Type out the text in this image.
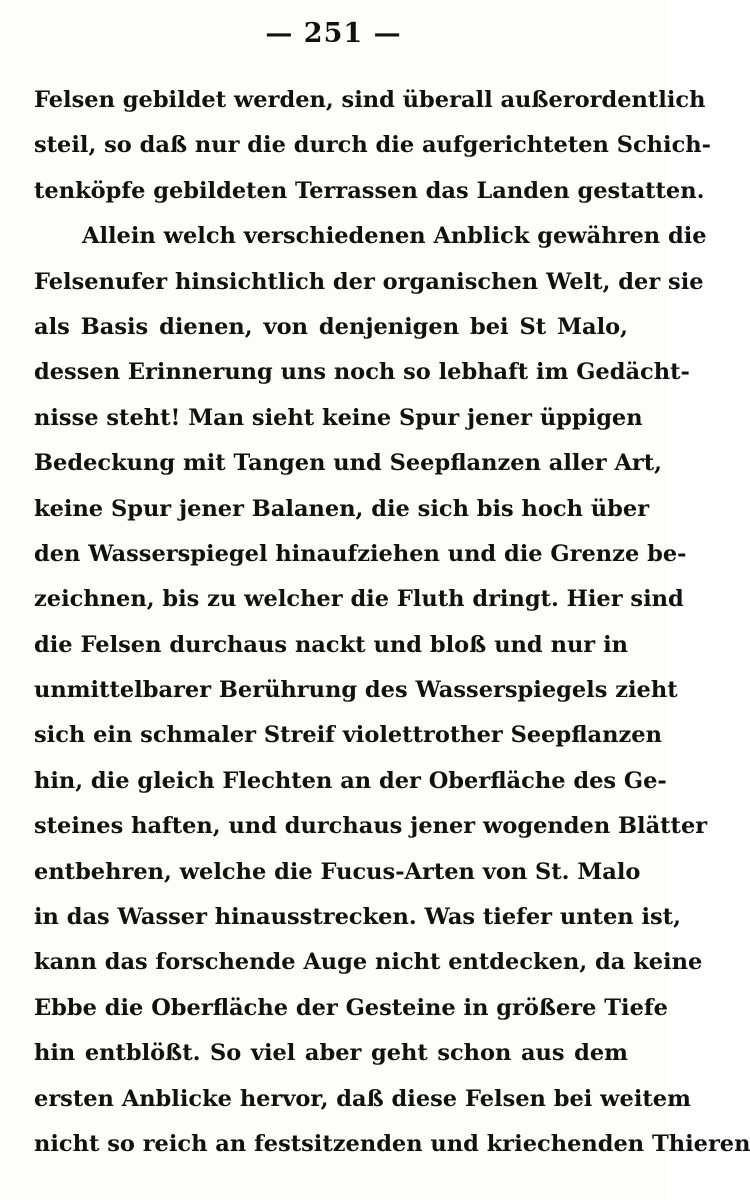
— 251 —
Felsen gebildet werden, sind überall außerordentlich
steil, so daß nur die durch die aufgerichteten Schich-
tenköpfe gebildeten Terrassen das Landen gestatten.
Allein welch verschiedenen Anblick gewähren die
Felsenufer hinsichtlich der organischen Welt, der sie
als Basis dienen, von denjenigen bei St Malo,
dessen Erinnerung uns noch so lebhaft im Gedächt-
nisse steht! Man sieht keine Spur jener üppigen
Bedeckung mit Tangen und Seepflanzen aller Art,
keine Spur jener Balanen, die sich bis hoch über
den Wasserspiegel hinaufziehen und die Grenze be-
zeichnen, bis zu welcher die Fluth dringt. Hier sind
die Felsen durchaus nackt und bloß und nur in
unmittelbarer Berührung des Wasserspiegels zieht
sich ein schmaler Streif violettrother Seepflanzen
hin, die gleich Flechten an der Oberfläche des Ge-
steines haften, und durchaus jener wogenden Blätter
entbehren, welche die Fucus-Arten von St. Malo
in das Wasser hinausstrecken. Was tiefer unten ist,
kann das forschende Auge nicht entdecken, da keine
Ebbe die Oberfläche der Gesteine in größere Tiefe
hin entblößt. So viel aber geht schon aus dem
ersten Anblicke hervor, daß diese Felsen bei weitem
nicht so reich an festsitzenden und kriechenden Thieren
